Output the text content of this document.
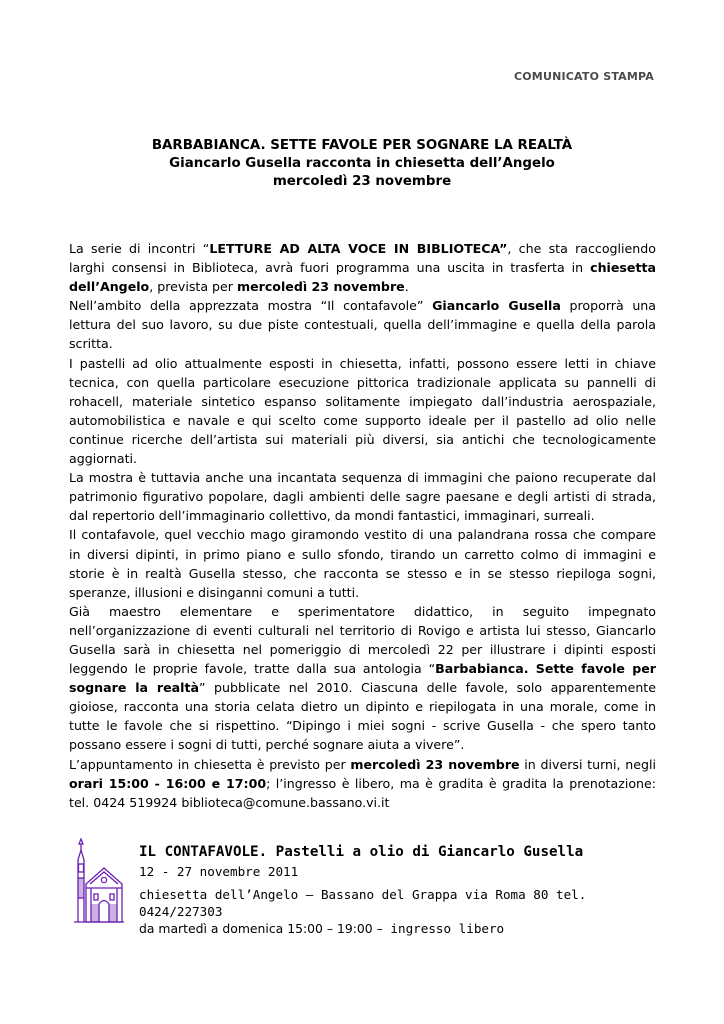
COMUNICATO STAMPA
BARBABIANCA. SETTE FAVOLE PER SOGNARE LA REALTÀ
Giancarlo Gusella racconta in chiesetta dell’Angelo
mercoledì 23 novembre

La serie di incontri “LETTURE AD ALTA VOCE IN BIBLIOTECA”, che sta raccogliendo larghi consensi in Biblioteca, avrà fuori programma una uscita in trasferta in chiesetta dell’Angelo, prevista per mercoledì 23 novembre.

Nell’ambito della apprezzata mostra “Il contafavole” Giancarlo Gusella proporrà una lettura del suo lavoro, su due piste contestuali, quella dell’immagine e quella della parola scritta.

I pastelli ad olio attualmente esposti in chiesetta, infatti, possono essere letti in chiave tecnica, con quella particolare esecuzione pittorica tradizionale applicata su pannelli di rohacell, materiale sintetico espanso solitamente impiegato dall’industria aerospaziale, automobilistica e navale e qui scelto come supporto ideale per il pastello ad olio nelle continue ricerche dell’artista sui materiali più diversi, sia antichi che tecnologicamente aggiornati.

La mostra è tuttavia anche una incantata sequenza di immagini che paiono recuperate dal patrimonio figurativo popolare, dagli ambienti delle sagre paesane e degli artisti di strada, dal repertorio dell’immaginario collettivo, da mondi fantastici, immaginari, surreali.

Il contafavole, quel vecchio mago giramondo vestito di una palandrana rossa che compare in diversi dipinti, in primo piano e sullo sfondo, tirando un carretto colmo di immagini e storie è in realtà Gusella stesso, che racconta se stesso e in se stesso riepiloga sogni, speranze, illusioni e disinganni comuni a tutti.

Già maestro elementare e sperimentatore didattico, in seguito impegnato nell’organizzazione di eventi culturali nel territorio di Rovigo e artista lui stesso, Giancarlo Gusella sarà in chiesetta nel pomeriggio di mercoledì 22 per illustrare i dipinti esposti leggendo le proprie favole, tratte dalla sua antologia “Barbabianca. Sette favole per sognare la realtà” pubblicate nel 2010. Ciascuna delle favole, solo apparentemente gioiose, racconta una storia celata dietro un dipinto e riepilogata in una morale, come in tutte le favole che si rispettino. “Dipingo i miei sogni - scrive Gusella - che spero tanto possano essere i sogni di tutti, perché sognare aiuta a vivere”.

L’appuntamento in chiesetta è previsto per mercoledì 23 novembre in diversi turni, negli orari 15:00 - 16:00 e 17:00; l’ingresso è libero, ma è gradita è gradita la prenotazione: tel. 0424 519924 biblioteca@comune.bassano.vi.it

IL CONTAFAVOLE. Pastelli a olio di Giancarlo Gusella
12 - 27 novembre 2011
chiesetta dell’Angelo – Bassano del Grappa via Roma 80 tel. 0424/227303
da martedì a domenica 15:00 – 19:00 – ingresso libero
